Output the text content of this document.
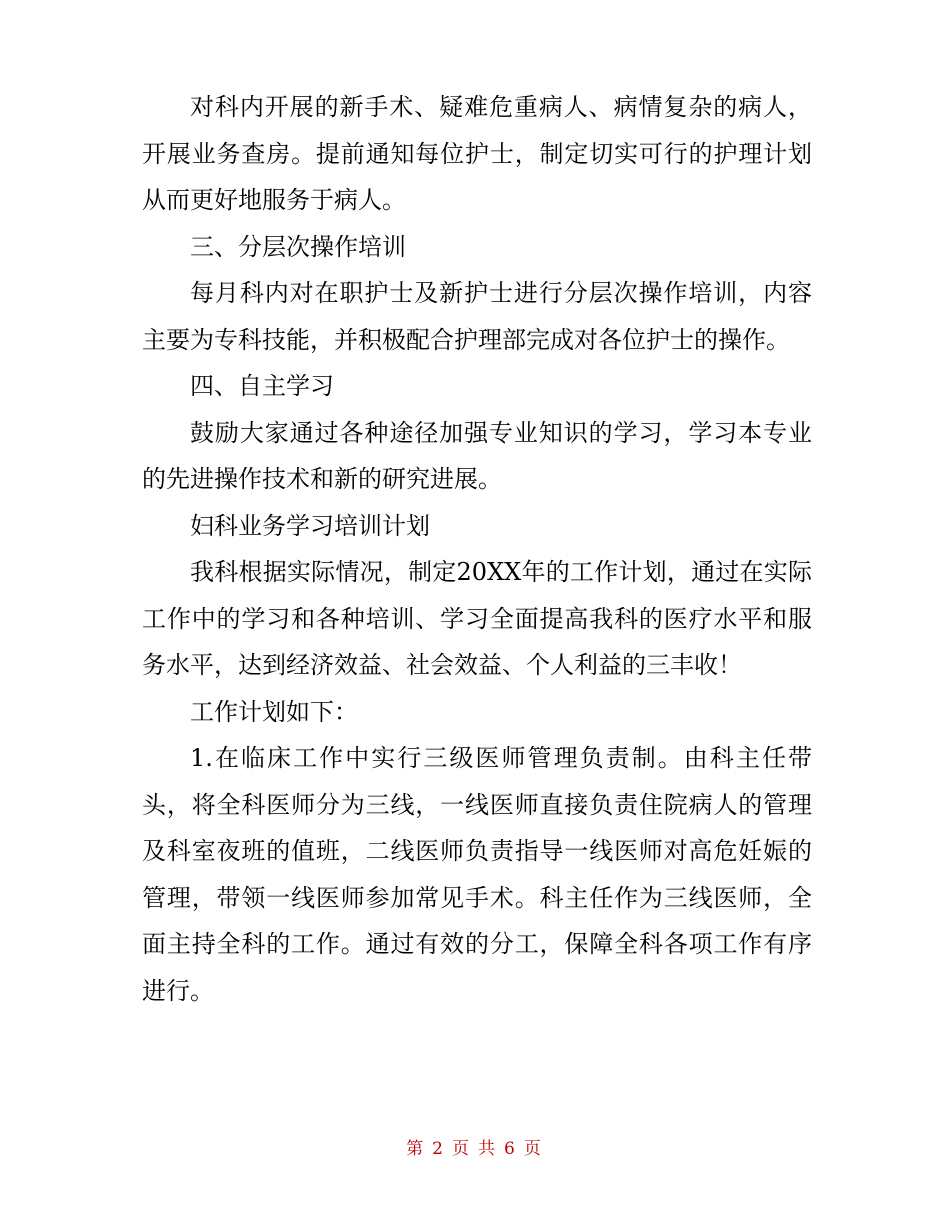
对科内开展的新手术、疑难危重病人、病情复杂的病人，开展业务查房。提前通知每位护士，制定切实可行的护理计划从而更好地服务于病人。

三、分层次操作培训

每月科内对在职护士及新护士进行分层次操作培训，内容主要为专科技能，并积极配合护理部完成对各位护士的操作。

四、自主学习

鼓励大家通过各种途径加强专业知识的学习，学习本专业的先进操作技术和新的研究进展。

妇科业务学习培训计划

我科根据实际情况，制定20XX年的工作计划，通过在实际工作中的学习和各种培训、学习全面提高我科的医疗水平和服务水平，达到经济效益、社会效益、个人利益的三丰收！

工作计划如下：

1.在临床工作中实行三级医师管理负责制。由科主任带头，将全科医师分为三线，一线医师直接负责住院病人的管理及科室夜班的值班，二线医师负责指导一线医师对高危妊娠的管理，带领一线医师参加常见手术。科主任作为三线医师，全面主持全科的工作。通过有效的分工，保障全科各项工作有序进行。

第 2 页 共 6 页
